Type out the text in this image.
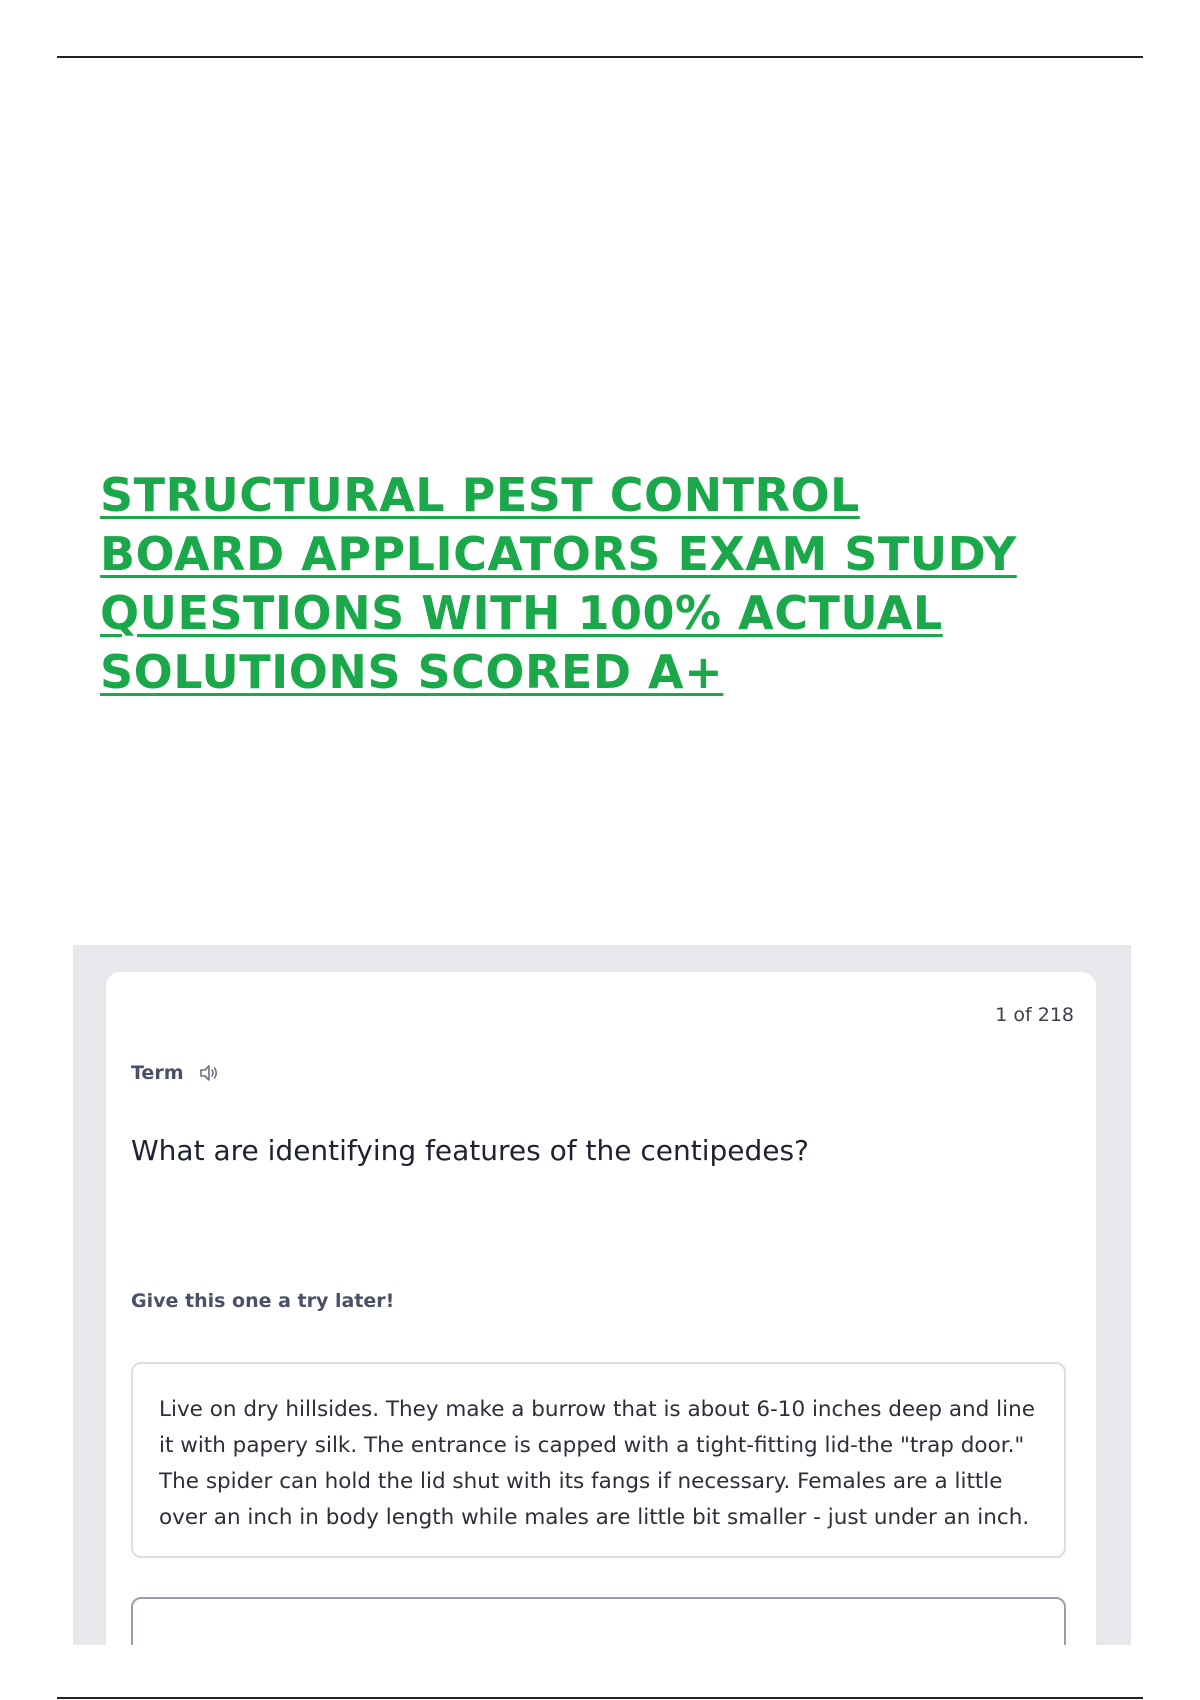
STRUCTURAL PEST CONTROL
BOARD APPLICATORS EXAM STUDY
QUESTIONS WITH 100% ACTUAL
SOLUTIONS SCORED A+
1 of 218
Term
What are identifying features of the centipedes?
Give this one a try later!

Live on dry hillsides. They make a burrow that is about 6-10 inches deep and line it with papery silk. The entrance is capped with a tight-fitting lid-the "trap door." The spider can hold the lid shut with its fangs if necessary. Females are a little over an inch in body length while males are little bit smaller - just under an inch.
